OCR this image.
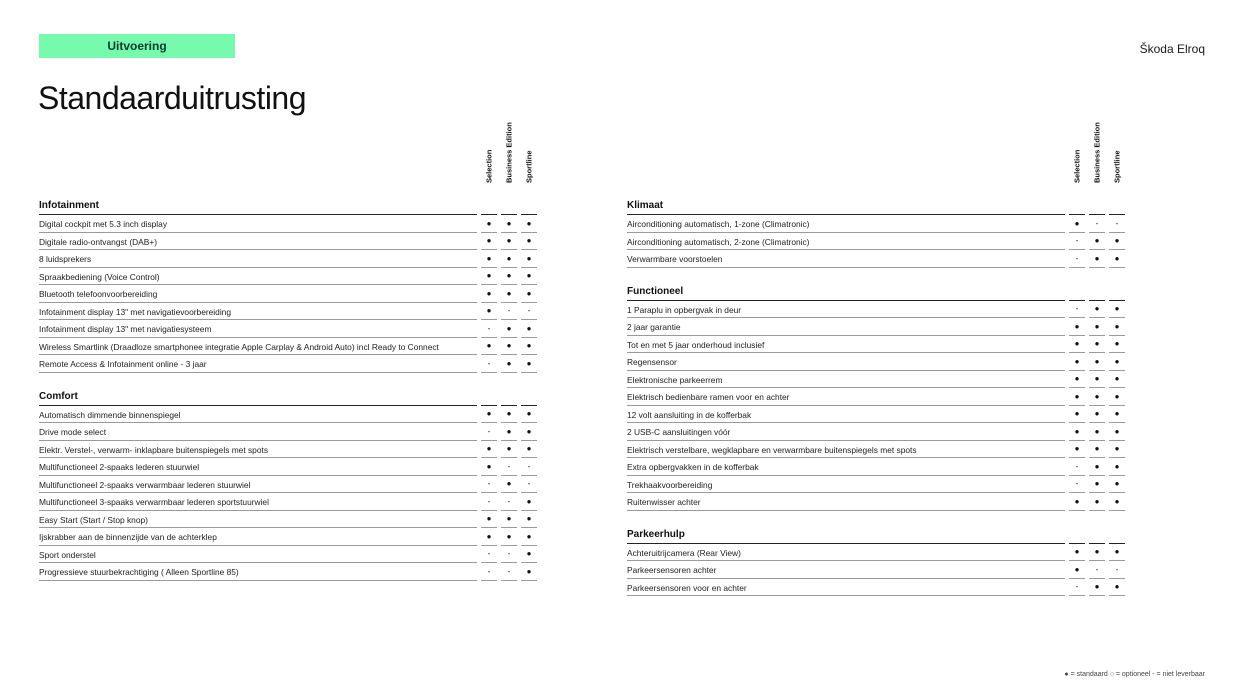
Uitvoering	Škoda Elroq
Standaarduitrusting
Selection Business Edition Sportline
Infotainment
Digital cockpit met 5.3 inch display	●	●	●
Digitale radio-ontvangst (DAB+)	●	●	●
8 luidsprekers	●	●	●
Spraakbediening (Voice Control)	●	●	●
Bluetooth telefoonvoorbereiding	●	●	●
Infotainment display 13" met navigatievoorbereiding	●	-	-
Infotainment display 13" met navigatiesysteem	-	●	●
Wireless Smartlink (Draadloze smartphonee integratie Apple Carplay & Android Auto) incl Ready to Connect	●	●	●
Remote Access & Infotainment online - 3 jaar	-	●	●
Comfort
Automatisch dimmende binnenspiegel	●	●	●
Drive mode select	-	●	●
Elektr. Verstel-, verwarm- inklapbare buitenspiegels met spots	●	●	●
Multifunctioneel 2-spaaks lederen stuurwiel	●	-	-
Multifunctioneel 2-spaaks verwarmbaar lederen stuurwiel	-	●	-
Multifunctioneel 3-spaaks verwarmbaar lederen sportstuurwiel	-	-	●
Easy Start (Start / Stop knop)	●	●	●
Ijskrabber aan de binnenzijde van de achterklep	●	●	●
Sport onderstel	-	-	●
Progressieve stuurbekrachtiging ( Alleen Sportline 85)	-	-	●
Selection Business Edition Sportline
Klimaat
Airconditioning automatisch, 1-zone (Climatronic)	●	-	-
Airconditioning automatisch, 2-zone (Climatronic)	-	●	●
Verwarmbare voorstoelen	-	●	●
Functioneel
1 Paraplu in opbergvak in deur	-	●	●
2 jaar garantie	●	●	●
Tot en met 5 jaar onderhoud inclusief	●	●	●
Regensensor	●	●	●
Elektronische parkeerrem	●	●	●
Elektrisch bedienbare ramen voor en achter	●	●	●
12 volt aansluiting in de kofferbak	●	●	●
2 USB-C aansluitingen vóór	●	●	●
Elektrisch verstelbare, wegklapbare en verwarmbare buitenspiegels met spots	●	●	●
Extra opbergvakken in de kofferbak	-	●	●
Trekhaakvoorbereiding	-	●	●
Ruitenwisser achter	●	●	●
Parkeerhulp
Achteruitrijcamera (Rear View)	●	●	●
Parkeersensoren achter	●	-	-
Parkeersensoren voor en achter	-	●	●
● = standaard ○ = optioneel - = niet leverbaar
